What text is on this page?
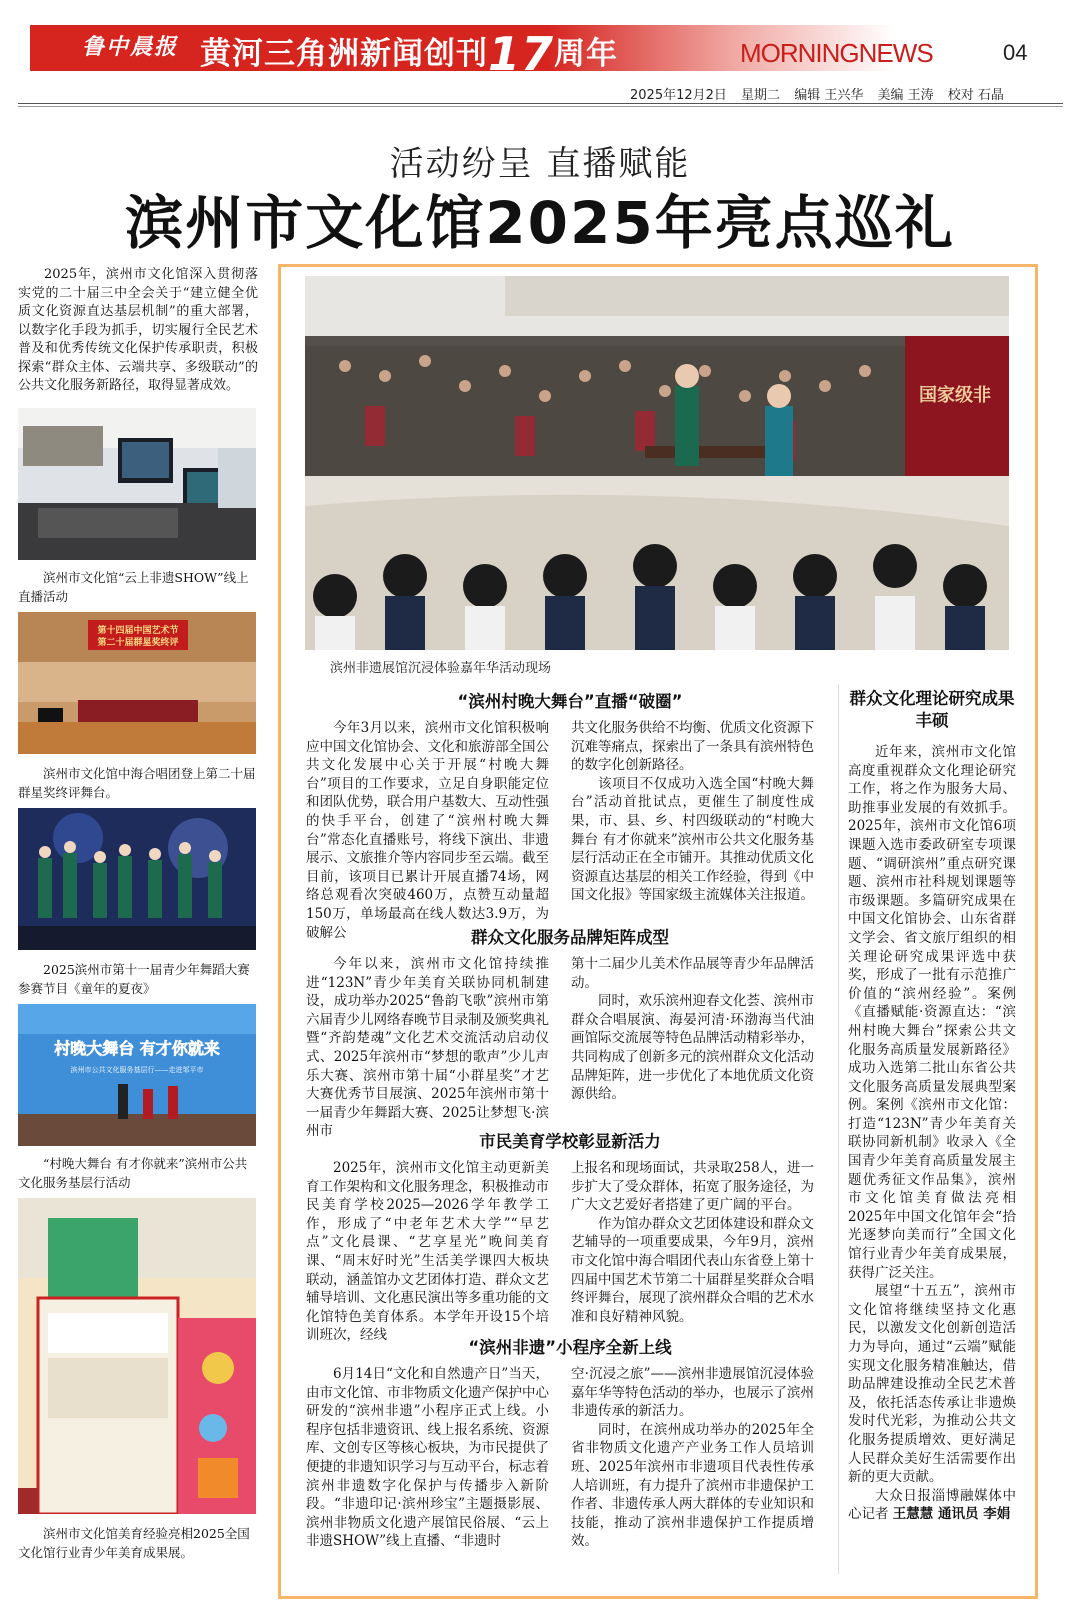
鲁中晨报 黄河三角洲新闻创刊17周年	MORNINGNEWS	04
2025年12月2日 星期二 编辑 王兴华 美编 王涛 校对 石晶
活动纷呈 直播赋能
滨州市文化馆2025年亮点巡礼

2025年，滨州市文化馆深入贯彻落实党的二十届三中全会关于“建立健全优质文化资源直达基层机制”的重大部署，以数字化手段为抓手，切实履行全民艺术普及和优秀传统文化保护传承职责，积极探索“群众主体、云端共享、多级联动”的公共文化服务新路径，取得显著成效。

滨州市文化馆“云上非遗SHOW”线上直播活动
第十四届中国艺术节
第二十届群星奖终评
滨州市文化馆中海合唱团登上第二十届群星奖终评舞台。
2025滨州市第十一届青少年舞蹈大赛参赛节目《童年的夏夜》
村晚大舞台 有才你就来
滨州市公共文化服务基层行——走进邹平市
“村晚大舞台 有才你就来”滨州市公共文化服务基层行活动
滨州市文化馆美育经验亮相2025全国文化馆行业青少年美育成果展。
国家级非
滨州非遗展馆沉浸体验嘉年华活动现场
“滨州村晚大舞台”直播“破圈”

今年3月以来，滨州市文化馆积极响应中国文化馆协会、文化和旅游部全国公共文化发展中心关于开展“村晚大舞台”项目的工作要求，立足自身职能定位和团队优势，联合用户基数大、互动性强的快手平台，创建了“滨州村晚大舞台”常态化直播账号，将线下演出、非遗展示、文旅推介等内容同步至云端。截至目前，该项目已累计开展直播74场，网络总观看次突破460万，点赞互动量超150万，单场最高在线人数达3.9万，为破解公

共文化服务供给不均衡、优质文化资源下沉难等痛点，探索出了一条具有滨州特色的数字化创新路径。

该项目不仅成功入选全国“村晚大舞台”活动首批试点，更催生了制度性成果，市、县、乡、村四级联动的“村晚大舞台 有才你就来”滨州市公共文化服务基层行活动正在全市铺开。其推动优质文化资源直达基层的相关工作经验，得到《中国文化报》等国家级主流媒体关注报道。

群众文化服务品牌矩阵成型

今年以来，滨州市文化馆持续推进“123N”青少年美育关联协同机制建设，成功举办2025“鲁韵飞歌”滨州市第六届青少儿网络春晚节目录制及颁奖典礼暨“齐韵楚魂”文化艺术交流活动启动仪式、2025年滨州市“梦想的歌声”少儿声乐大赛、滨州市第十届“小群星奖”才艺大赛优秀节目展演、2025年滨州市第十一届青少年舞蹈大赛、2025让梦想飞·滨州市

第十二届少儿美术作品展等青少年品牌活动。

同时，欢乐滨州迎春文化荟、滨州市群众合唱展演、海晏河清·环渤海当代油画馆际交流展等特色品牌活动精彩举办，共同构成了创新多元的滨州群众文化活动品牌矩阵，进一步优化了本地优质文化资源供给。

市民美育学校彰显新活力

2025年，滨州市文化馆主动更新美育工作架构和文化服务理念，积极推动市民美育学校2025—2026学年教学工作，形成了“中老年艺术大学”“早艺点”文化晨课、“艺享星光”晚间美育课、“周末好时光”生活美学课四大板块联动，涵盖馆办文艺团体打造、群众文艺辅导培训、文化惠民演出等多重功能的文化馆特色美育体系。本学年开设15个培训班次，经线

上报名和现场面试，共录取258人，进一步扩大了受众群体，拓宽了服务途径，为广大文艺爱好者搭建了更广阔的平台。

作为馆办群众文艺团体建设和群众文艺辅导的一项重要成果，今年9月，滨州市文化馆中海合唱团代表山东省登上第十四届中国艺术节第二十届群星奖群众合唱终评舞台，展现了滨州群众合唱的艺术水准和良好精神风貌。

“滨州非遗”小程序全新上线

6月14日“文化和自然遗产日”当天，由市文化馆、市非物质文化遗产保护中心研发的“滨州非遗”小程序正式上线。小程序包括非遗资讯、线上报名系统、资源库、文创专区等核心板块，为市民提供了便捷的非遗知识学习与互动平台，标志着滨州非遗数字化保护与传播步入新阶段。“非遗印记·滨州珍宝”主题摄影展、滨州非物质文化遗产展馆民俗展、“云上非遗SHOW”线上直播、“非遗时

空·沉浸之旅”——滨州非遗展馆沉浸体验嘉年华等特色活动的举办，也展示了滨州非遗传承的新活力。

同时，在滨州成功举办的2025年全省非物质文化遗产产业务工作人员培训班、2025年滨州市非遗项目代表性传承人培训班，有力提升了滨州市非遗保护工作者、非遗传承人两大群体的专业知识和技能，推动了滨州非遗保护工作提质增效。

群众文化理论研究成果丰硕

近年来，滨州市文化馆高度重视群众文化理论研究工作，将之作为服务大局、助推事业发展的有效抓手。2025年，滨州市文化馆6项课题入选市委政研室专项课题、“调研滨州”重点研究课题、滨州市社科规划课题等市级课题。多篇研究成果在中国文化馆协会、山东省群文学会、省文旅厅组织的相关理论研究成果评选中获奖，形成了一批有示范推广价值的“滨州经验”。案例《直播赋能·资源直达：“滨州村晚大舞台”探索公共文化服务高质量发展新路径》成功入选第二批山东省公共文化服务高质量发展典型案例。案例《滨州市文化馆：打造“123N”青少年美育关联协同新机制》收录入《全国青少年美育高质量发展主题优秀征文作品集》，滨州市文化馆美育做法亮相2025年中国文化馆年会“拾光逐梦向美而行”全国文化馆行业青少年美育成果展，获得广泛关注。

展望“十五五”，滨州市文化馆将继续坚持文化惠民，以激发文化创新创造活力为导向，通过“云端”赋能实现文化服务精准触达，借助品牌建设推动全民艺术普及，依托活态传承让非遗焕发时代光彩，为推动公共文化服务提质增效、更好满足人民群众美好生活需要作出新的更大贡献。

大众日报淄博融媒体中心记者 王慧慧 通讯员 李娟
